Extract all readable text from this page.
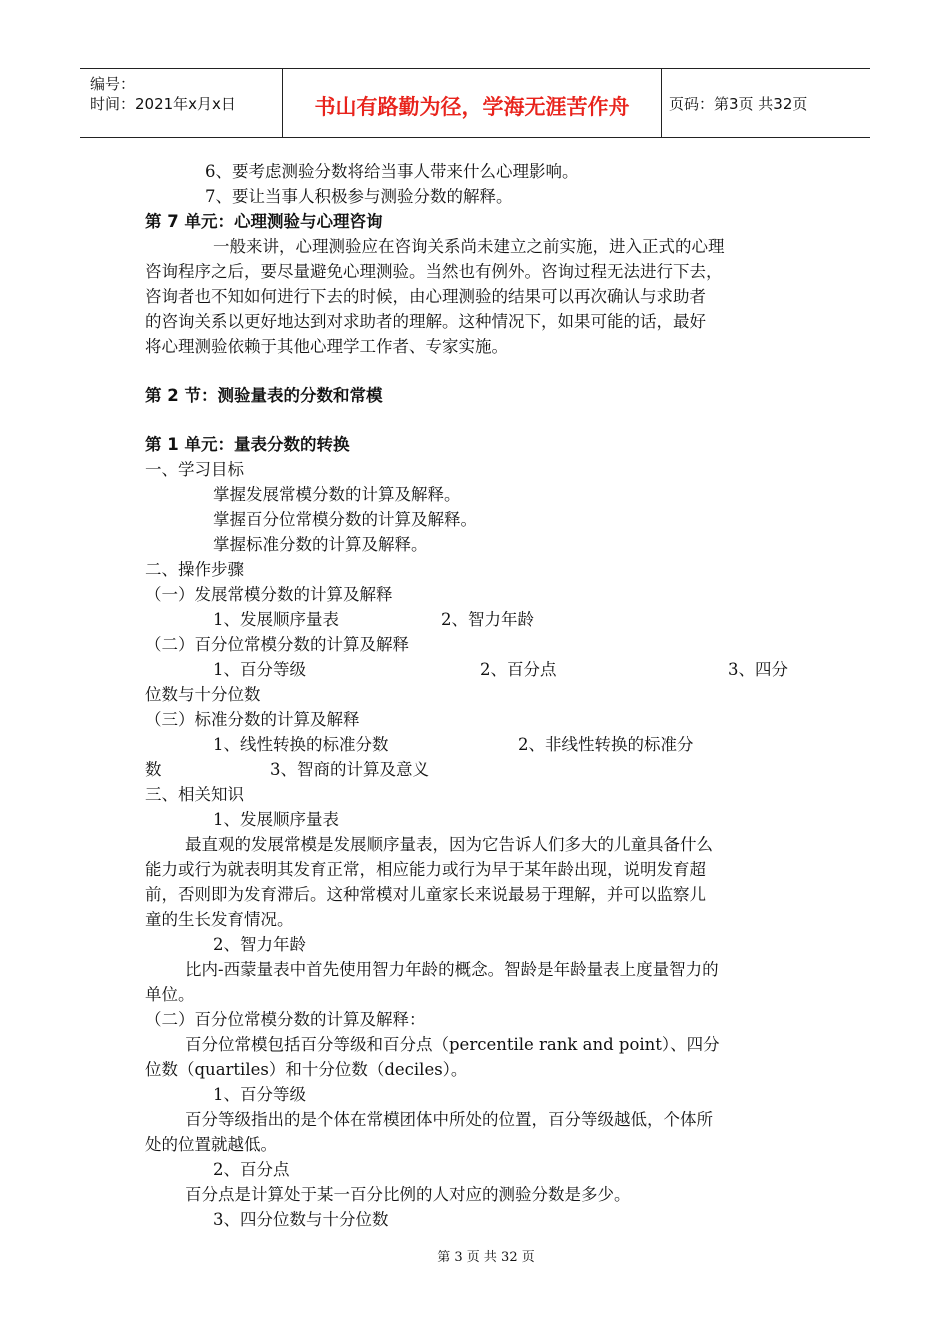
编号：
时间：2021年x月x日	书山有路勤为径，学海无涯苦作舟	页码：第3页 共32页
6、要考虑测验分数将给当事人带来什么心理影响。
7、要让当事人积极参与测验分数的解释。
第 7 单元：心理测验与心理咨询
一般来讲，心理测验应在咨询关系尚未建立之前实施，进入正式的心理
咨询程序之后，要尽量避免心理测验。当然也有例外。咨询过程无法进行下去，
咨询者也不知如何进行下去的时候，由心理测验的结果可以再次确认与求助者
的咨询关系以更好地达到对求助者的理解。这种情况下，如果可能的话，最好
将心理测验依赖于其他心理学工作者、专家实施。
第 2 节：测验量表的分数和常模
第 1 单元：量表分数的转换
一、学习目标
掌握发展常模分数的计算及解释。
掌握百分位常模分数的计算及解释。
掌握标准分数的计算及解释。
二、操作步骤
（一）发展常模分数的计算及解释
1、发展顺序量表	2、智力年龄
（二）百分位常模分数的计算及解释
1、百分等级	2、百分点	3、四分
位数与十分位数
（三）标准分数的计算及解释
1、线性转换的标准分数	2、非线性转换的标准分
数	3、智商的计算及意义
三、相关知识
1、发展顺序量表
最直观的发展常模是发展顺序量表，因为它告诉人们多大的儿童具备什么
能力或行为就表明其发育正常，相应能力或行为早于某年龄出现，说明发育超
前，否则即为发育滞后。这种常模对儿童家长来说最易于理解，并可以监察儿
童的生长发育情况。
2、智力年龄
比内-西蒙量表中首先使用智力年龄的概念。智龄是年龄量表上度量智力的
单位。
（二）百分位常模分数的计算及解释：
百分位常模包括百分等级和百分点（percentile rank and point）、四分
位数（quartiles）和十分位数（deciles）。
1、百分等级
百分等级指出的是个体在常模团体中所处的位置，百分等级越低，个体所
处的位置就越低。
2、百分点
百分点是计算处于某一百分比例的人对应的测验分数是多少。
3、四分位数与十分位数
第 3 页 共 32 页
